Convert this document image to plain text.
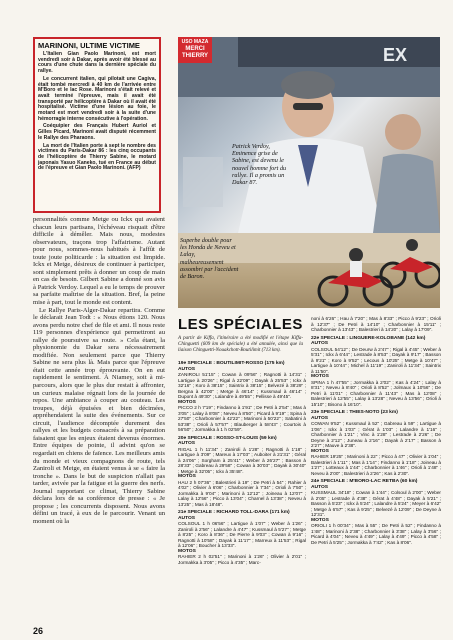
MARINONI, ULTIME VICTIME

L'Italien Gian Paolo Marinoni, est mort vendredi soir à Dakar, après avoir été blessé au cours d'une chute dans la dernière spéciale du rallye.

Le concurrent italien, qui pilotait une Cagiva, était tombé mercredi à 40 km de l'arrivée entre M'Boro et le lac Rose. Marinoni s'était relevé et avait terminé l'épreuve, mais il avait été transporté par hélicoptère à Dakar où il avait été hospitalisé. Victime d'une lésion au foie, le motard est mort vendredi soir à la suite d'une hémorragie interne consécutive à l'opération.

Coéquipier des Français Hubert Auriol et Gilles Picard, Marinoni avait disputé récemment le Rallye des Pharaons.

La mort de l'Italien porte à sept le nombre des victimes du Paris-Dakar 86 : les cinq occupants de l'hélicoptère de Thierry Sabine, le motard japonais Yasuo Kaneko, tué en France au début de l'épreuve et Gian Paolo Marinoni. (AFP)

EX
USO MAZA
MERCI
THIERRY
Patrick Verdoy, Eminence grise de Sabine, est devenu le nouvel homme fort du rallye. Il a promis un Dakar 87.
Superbe double pour les Honda de Neveu et Lalay, malheureusement assombri par l'accident de Baron.

personnalités comme Metge ou Ickx qui avaient chacun leurs partisans, l'échéveau risquait d'être difficile à démêler. Mais nous, modestes observateurs, traçons trop l'affairisme. Autant pour nous, sommes-nous habitués à l'affût de toute joute politicarde : la situation est limpide. Ickx et Metge, désireux de continuer à participer, sont simplement prêts à donner un coup de main en cas de besoin. Gilbert Sabine a donné son avis à Patrick Verdoy. Lequel a eu le temps de prouver sa parfaite maîtrise de la situation. Bref, la peine mise à part, tout le monde est content.

Le Rallye Paris-Alger-Dakar repartira. Comme le déclarait Jean Todt : « Nous étions 120. Nous avons perdu notre chef de file et ami. Il nous reste 119 personnes d'expérience qui permettront au rallye de poursuivre sa route. » Cela étant, la physionomie du Dakar sera nécessairement modifiée. Non seulement parce que Thierry Sabine ne sera plus là. Mais parce que l'épreuve était cette année trop éprouvante. On en eut rapidement le sentiment. À Niamey, soit à mi-parcours, alors que le plus dur restait à affronter, un curieux malaise régnait lors de la journée de repos. Une ambiance à couper au couteau. Les troupes, déjà épuisées et bien décimées, appréhendaient la suite des événements. Sur ce circuit, l'audience décomptée durement des rallyes et les budgets consacrés à sa préparation faisaient que les enjeux étaient devenus énormes. Entre équipes de pointe, il advint qu'on se regardait en chiens de faïence. Les meilleurs amis du monde et vieux compagnons de route, tels Zaniroli et Metge, en étaient venus à se « faire la tronche ». Dans le but de suspicion n'allait pas tarder, avivée par la fatigue et la guerre des nerfs. Journal rapportant ce climat, Thierry Sabine déclara lors de sa conférence de presse : « Je propose ; les concurrents disposent. Nous avons défini un tracé, à eux de le parcourir. Venant un moment où la

LES SPÉCIALES
A partir de Kiffa, l'itinéraire a été modifié et l'étape Kiffa-Chinguetti (609 km de spéciale) a été annulée, ainsi que la liaison Chinguetti-Nouakchott-Boutilimit (713 km).
19e SPECIALE : BOUTILIMIT-ROSSO (175 km)
AUTOS
ZANIROLI 51'15" ; Cowan à 09'56" ; Ragnotti à 14'31" ; Lartigue à 20'26" ; Rigal à 22'09" ; Dayak à 25'53" ; Ickx à 32'16" ; Koro à 38'15" ; Saintrix à 38'15" ; Belvezé à 38'29" ; Bergna à 42'00" ; Metge à 46'14" ; Kussmaul à 46'14" ; Dupont à 49'30" ; Lalandre à 49'55" ; Pellisse à 49'45".
MOTOS
PICCO 2 h 7'19" ; Findanno à 1'91" ; De Petri à 2'54" ; Mas à 3'05" ; Lalay à 8'08" ; Neveu à 8'50" ; Picard à 9'19" ; Spina à 27'50" ; Charbonnier à 42'22" ; Marinoni à 50'22" ; Sabatini à 53'38" ; Orioli à 57'57" ; Blauberger à 58'43" ; Courtois à 56'50" ; Jormakka à 1 h 02'59".
20e SPECIALE : ROSSO-ST-LOUIS (59 km)
AUTOS
RIGAL 1 h 11'34" ; Zaniroli à 1'28" ; Ragnotti à 1'18" ; Lartigue à 3'09" ; Mareux à 17'03" ; Auboiter à 21'31" ; Géral à 24'06" ; Sorgham à 25'41" ; Weber à 26'27" ; Basson à 28'33" ; Gabreau à 29'58" ; Cowan à 30'03" ; Dayak à 30'40" ; Metge à 32'05" ; Ickx à 35'48".
MOTOS
HAU 2 h 07'36" ; Balestrieri à 19" ; De Petri à 54" ; Rahier à 4'02" ; Olivier à 6'06" ; Charbonnier à 7'34" ; Orioli à 7'50" ; Jormakka à 9'04" ; Marinoni à 12'12" ; Joineau à 12'07" ; Lalay à 12'56" ; Picco à 13'04" ; Charnel à 13'38" ; Neveu à 13'25" ; Mas à 18'48".
21e SPECIALE : RICHARD TOLL-DARA (171 km)
AUTOS
COLSOUL 1 h 06'56" ; Lartigue à 1'07" ; Weber à 1'26" ; Zaniroli à 2'56" ; Lalandre à 4'47" ; Kussmaul à 5'27" ; Metge à 8'25" ; Koro à 8'36" ; De Pierre à 9'03" ; Cowan à 9'16" ; Ragnotti à 10'58" ; Dayak à 11'17" ; Marreux à 11'53" ; Rigal à 12'06" ; Boucher à 13'33".
MOTOS
RAHIER 2 h 02'51" ; Marinoni à 1'26" ; Olivier à 2'01" ; Jormakka à 3'05" ; Picco à 4'35" ; Marc-
noni à 6'26" ; Hau à 7'20" ; Mas à 8'33" ; Picco à 9'23" ; Orioli à 12'37" ; De Petri à 14'10" ; Charbonnier à 15'11" ; Charbonnier à 13'43" ; Balestrieri à 14'20" ; Lalay à 17'09".
22e SPECIALE : LINGUERE-KOLOBANE (142 km)
AUTOS
COLSOUL 54'12" ; De Deurw à 2'47" ; Rigal à 4'45" ; Weber à 5'31" ; Ickx à 6'44" ; Lestrade à 8'53" ; Dayak à 9'17" ; Basson à 9'21" ; Koro à 9'52" ; Lecous à 10'25" ; Metge à 10'47" ; Lartigue à 10'44" ; Michel à 11'19" ; Zaniroli à 11'34" ; Saintrix à 11'50".
MOTOS
SPINA 1 h 47'55" ; Jormakka à 2'02" ; Kas à 4'24" ; Lalay à 8'31" ; Neveu à 8'40" ; Orioli à 8'52" ; Jolmaux à 10'56" ; De Petri à 11'01" ; Charbonnier à 11'43" ; Mas à 12'08" ; Balestrieri à 12'55" ; Lalay à 13'28" ; Neveu à 13'56" ; Orioli à 15'10" ; Bisono à 16'10".
23e SPECIALE : THIES-NOTO (23 km)
AUTOS
COWAN 9'52" ; Kussmaul à 52" ; Gabreau à 59" ; Lartigue à 1'06" ; Ickx à 1'03" ; Gérat à 1'03" ; Lalandre à 1'16" ; Charbonnier à 1'21" ; Vinc à 1'28" ; Lestrade à 2'26" ; De Deyne à 2'12" ; Juneau à 2'16" ; Dayak à 2'17" ; Basson à 2'27" ; Mauve à 2'38".
MOTOS
RAHIER 19'25" ; Marinoni à 22" ; Picco à 47" ; Olivier à 1'04" ; Balestrieri à 1'11" ; Mas à 1'14" ; Findanno à 1'18" ; Joineau à 1'27" ; Lotteaux à 1'44" ; Charbonnier à 1'46" ; Orioli à 1'48" ; Neveu à 2'00" ; Balestrieri à 2'26" ; Kas à 2'30".
24e SPECIALE : M'BORO-LAC RETBA (60 km)
AUTOS
KUSSMAUL 34'18" ; Cowan à 1'44" ; Colsoul à 2'00" ; Weber à 2'05" ; Lestrade à 4'38" ; Gérat à 4'48" ; Dayak à 5'21" ; Basson à 5'23" ; Ickx à 5'24" ; Lalandre à 5'24" ; Meyer à 6'42" ; Metge à 6'57" ; Kas à 9'25" ; Belvezé à 12'09" ; De Deyne à 12'31".
MOTOS
ORIOLI 1 h 00'34" ; Mas à 55" ; De Petri à 52" ; Findanno à 1'48" ; Marinoni à 2'38" ; Charbonnier à 3'38" ; Lalay à 3'56" ; Picard à 4'04" ; Neveu à 4'49" ; Lalay à 4'49" ; Picco à 4'58" ; De Petri à 5'25" ; Jormakka à 7'42" ; Kas à 8'06".
26
